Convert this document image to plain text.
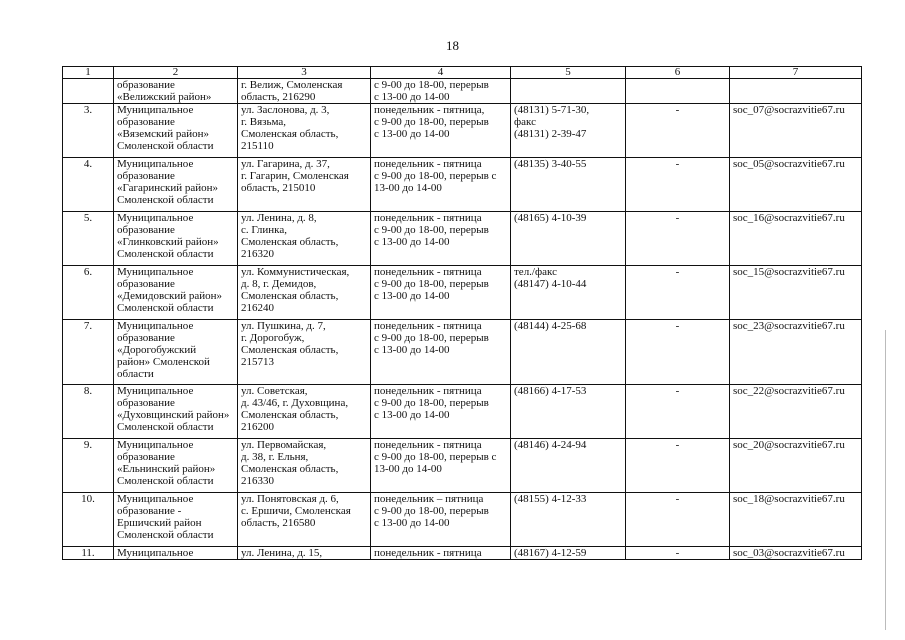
18
1	2	3	4	5	6	7

	образование
«Велижский район»	г. Велиж, Смоленская
область, 216290	с 9-00 до 18-00, перерыв
с 13-00 до 14-00			

3.	Муниципальное
образование
«Вяземский район»
Смоленской области	ул. Заслонова, д. 3,
г. Вязьма,
Смоленская область,
215110	понедельник - пятница,
с 9-00 до 18-00, перерыв
с 13-00 до 14-00	(48131) 5-71-30,
факс
(48131) 2-39-47	-	soc_07@socrazvitie67.ru
4.	Муниципальное
образование
«Гагаринский район»
Смоленской области	ул. Гагарина, д. 37,
г. Гагарин, Смоленская
область, 215010	понедельник - пятница
с 9-00 до 18-00, перерыв с
13-00 до 14-00	(48135) 3-40-55	-	soc_05@socrazvitie67.ru
5.	Муниципальное
образование
«Глинковский район»
Смоленской области	ул. Ленина, д. 8,
с. Глинка,
Смоленская область,
216320	понедельник - пятница
с 9-00 до 18-00, перерыв
с 13-00 до 14-00	(48165) 4-10-39	-	soc_16@socrazvitie67.ru
6.	Муниципальное
образование
«Демидовский район»
Смоленской области	ул. Коммунистическая,
д. 8, г. Демидов,
Смоленская область,
216240	понедельник - пятница
с 9-00 до 18-00, перерыв
с 13-00 до 14-00	тел./факс
(48147) 4-10-44	-	soc_15@socrazvitie67.ru
7.	Муниципальное
образование
«Дорогобужский
район» Смоленской
области	ул. Пушкина, д. 7,
г. Дорогобуж,
Смоленская область,
215713	понедельник - пятница
с 9-00 до 18-00, перерыв
с 13-00 до 14-00	(48144) 4-25-68	-	soc_23@socrazvitie67.ru
8.	Муниципальное
образование
«Духовщинский район»
Смоленской области	ул. Советская,
д. 43/46, г. Духовщина,
Смоленская область,
216200	понедельник - пятница
с 9-00 до 18-00, перерыв
с 13-00 до 14-00	(48166) 4-17-53	-	soc_22@socrazvitie67.ru
9.	Муниципальное
образование
«Ельнинский район»
Смоленской области	ул. Первомайская,
д. 38, г. Ельня,
Смоленская область,
216330	понедельник - пятница
с 9-00 до 18-00, перерыв с
13-00 до 14-00	(48146) 4-24-94	-	soc_20@socrazvitie67.ru
10.	Муниципальное
образование -
Ершичский район
Смоленской области	ул. Понятовская д. 6,
с. Ершичи, Смоленская
область, 216580	понедельник – пятница
с 9-00 до 18-00, перерыв
с 13-00 до 14-00	(48155) 4-12-33	-	soc_18@socrazvitie67.ru
11.	Муниципальное	ул. Ленина, д. 15,	понедельник - пятница	(48167) 4-12-59	-	soc_03@socrazvitie67.ru
